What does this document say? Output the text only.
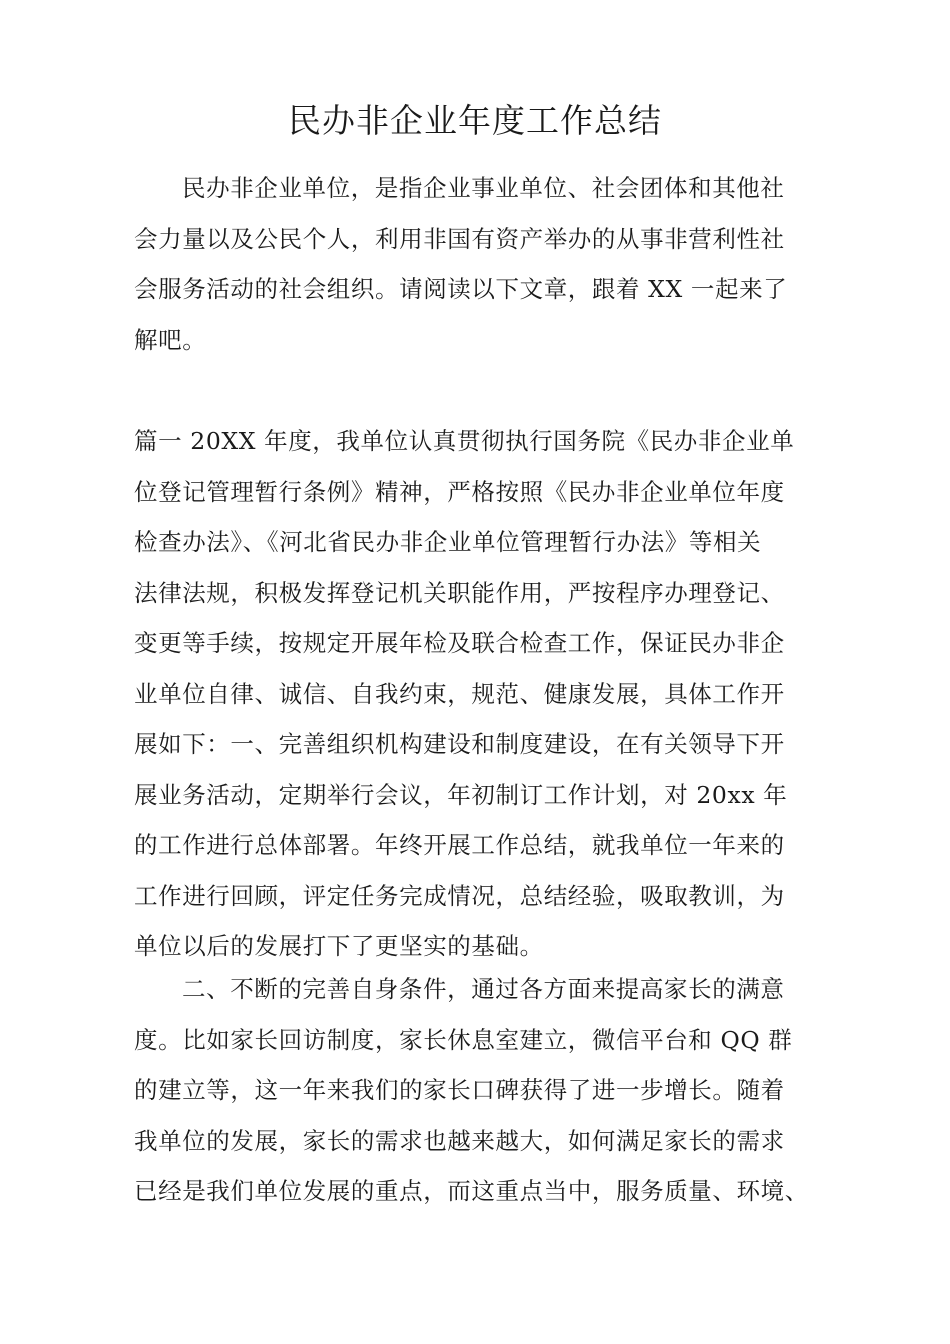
民办非企业年度工作总结
民办非企业单位，是指企业事业单位、社会团体和其他社
会力量以及公民个人，利用非国有资产举办的从事非营利性社
会服务活动的社会组织。请阅读以下文章，跟着 XX 一起来了
解吧。
篇一 20XX 年度，我单位认真贯彻执行国务院《民办非企业单
位登记管理暂行条例》精神，严格按照《民办非企业单位年度
检查办法》、《河北省民办非企业单位管理暂行办法》等相关
法律法规，积极发挥登记机关职能作用，严按程序办理登记、
变更等手续，按规定开展年检及联合检查工作，保证民办非企
业单位自律、诚信、自我约束，规范、健康发展，具体工作开
展如下：一、完善组织机构建设和制度建设，在有关领导下开
展业务活动，定期举行会议，年初制订工作计划，对 20xx 年
的工作进行总体部署。年终开展工作总结，就我单位一年来的
工作进行回顾，评定任务完成情况，总结经验，吸取教训，为
单位以后的发展打下了更坚实的基础。
二、不断的完善自身条件，通过各方面来提高家长的满意
度。比如家长回访制度，家长休息室建立，微信平台和 QQ 群
的建立等，这一年来我们的家长口碑获得了进一步增长。随着
我单位的发展，家长的需求也越来越大，如何满足家长的需求
已经是我们单位发展的重点，而这重点当中，服务质量、环境、
